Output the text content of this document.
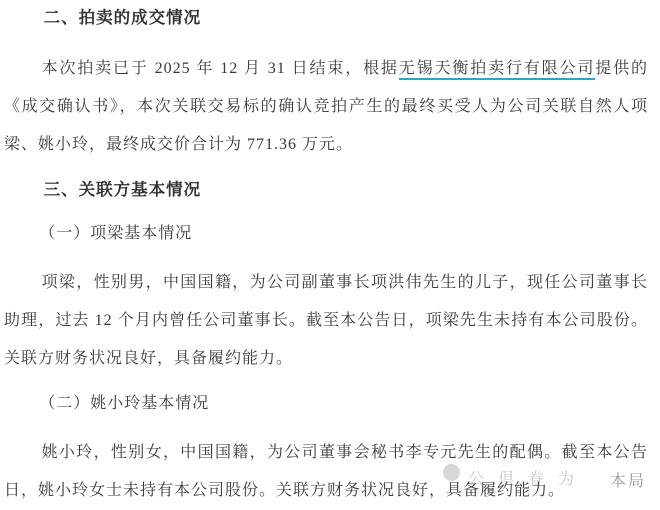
二、拍卖的成交情况

本次拍卖已于 2025 年 12 月 31 日结束，根据无锡天衡拍卖行有限公司提供的《成交确认书》，本次关联交易标的确认竞拍产生的最终买受人为公司关联自然人项梁、姚小玲，最终成交价合计为 771.36 万元。

三、关联方基本情况

（一）项梁基本情况

项梁，性别男，中国国籍，为公司副董事长项洪伟先生的儿子，现任公司董事长助理，过去 12 个月内曾任公司董事长。截至本公告日，项梁先生未持有本公司股份。关联方财务状况良好，具备履约能力。

（二）姚小玲基本情况

姚小玲，性别女，中国国籍，为公司董事会秘书李专元先生的配偶。截至本公告日，姚小玲女士未持有本公司股份。关联方财务状况良好，具备履约能力。

公倶眷为 本局
